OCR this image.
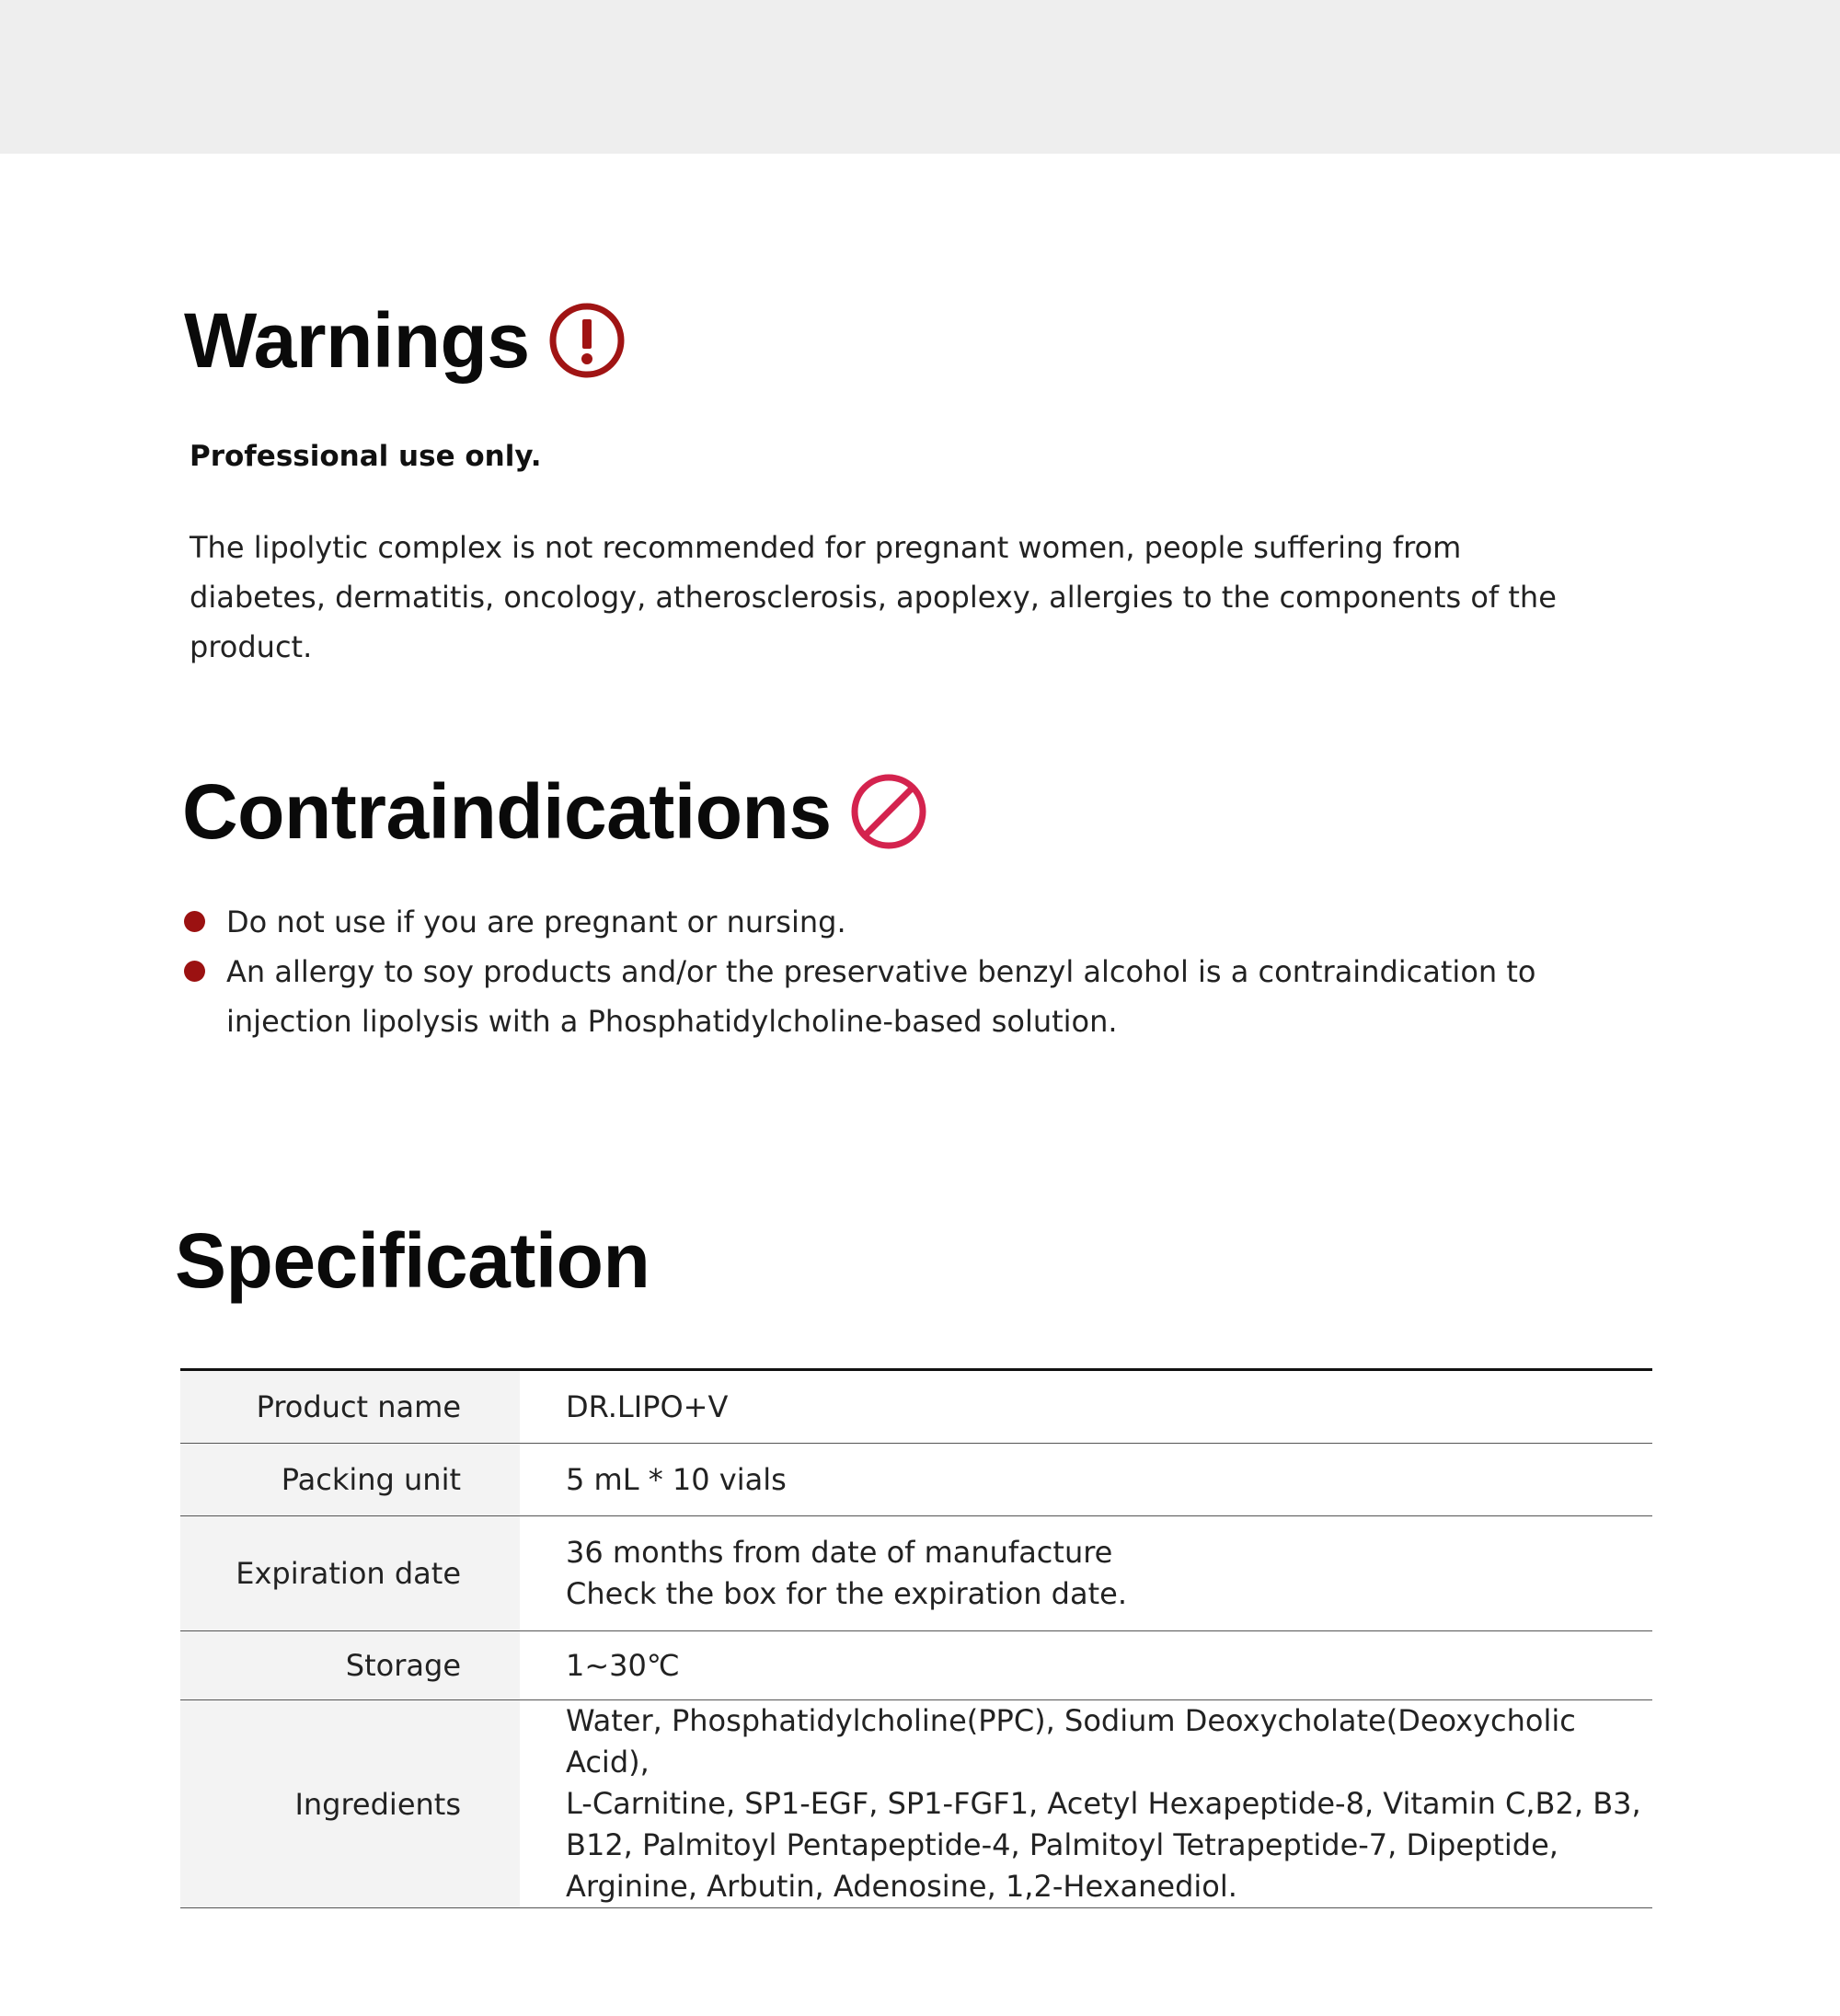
Warnings
Professional use only.
The lipolytic complex is not recommended for pregnant women, people suffering from diabetes, dermatitis, oncology, atherosclerosis, apoplexy, allergies to the components of the product.
Contraindications
Do not use if you are pregnant or nursing.
An allergy to soy products and/or the preservative benzyl alcohol is a contraindication to injection lipolysis with a Phosphatidylcholine-based solution.
Specification
Product name	DR.LIPO+V

Packing unit	5 mL * 10 vials

Expiration date	36 months from date of manufacture
Check the box for the expiration date.

Storage	1~30℃

Ingredients	Water, Phosphatidylcholine(PPC), Sodium Deoxycholate(Deoxycholic Acid),
L-Carnitine, SP1-EGF, SP1-FGF1, Acetyl Hexapeptide-8, Vitamin C,B2, B3,
B12, Palmitoyl Pentapeptide-4, Palmitoyl Tetrapeptide-7, Dipeptide,
Arginine, Arbutin, Adenosine, 1,2-Hexanediol.
